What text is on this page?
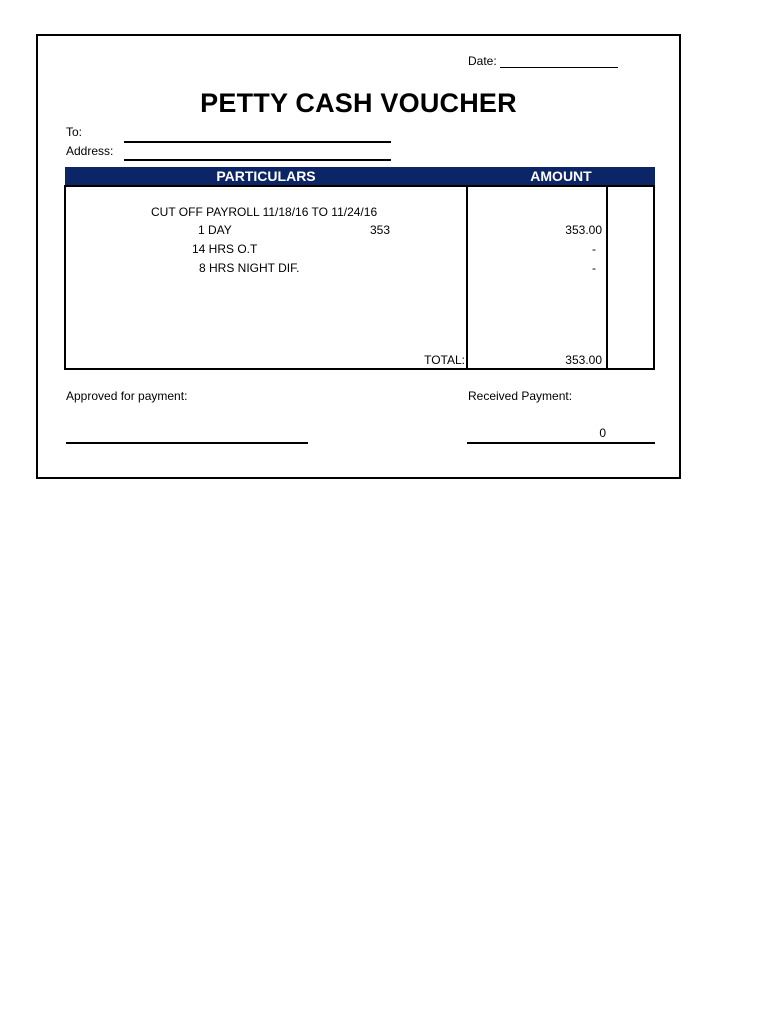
Date:
PETTY CASH VOUCHER
To:
Address:
PARTICULARS	AMOUNT
CUT OFF PAYROLL 11/18/16 TO 11/24/16
1 DAY	353	353.00
14 HRS O.T	-
8 HRS NIGHT DIF.	-
TOTAL:	353.00
Approved for payment:	Received Payment:
0
